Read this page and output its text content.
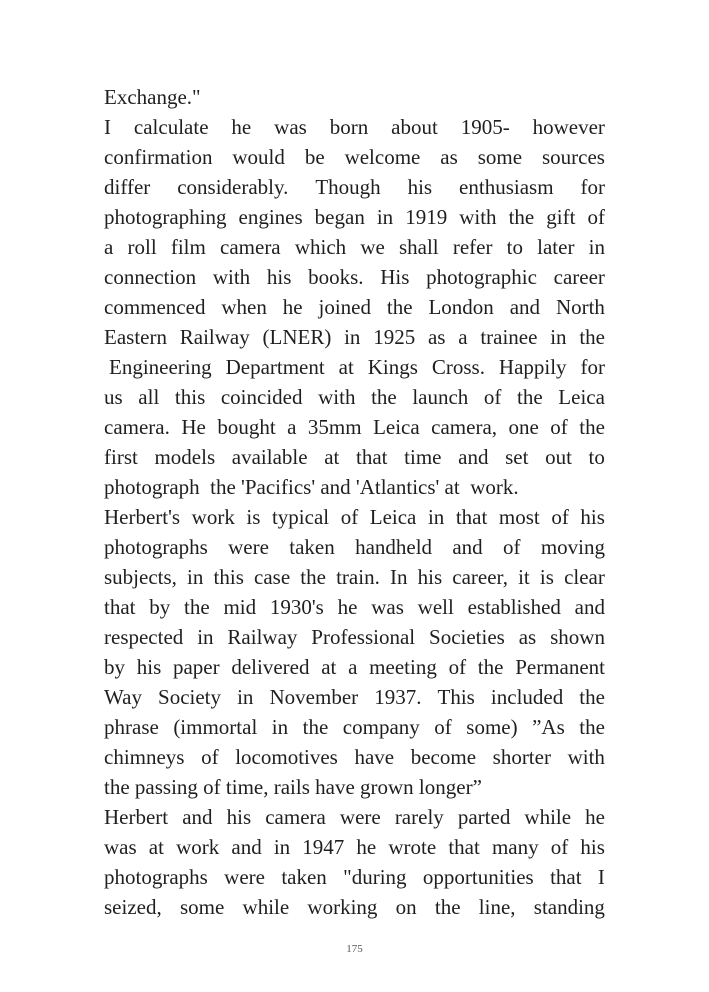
Exchange."
I calculate he was born about 1905- however
confirmation would be welcome as some sources
differ considerably. Though his enthusiasm for
photographing engines began in 1919 with the gift of
a roll film camera which we shall refer to later in
connection with his books. His photographic career
commenced when he joined the London and North
Eastern Railway (LNER) in 1925 as a trainee in the
Engineering Department at Kings Cross. Happily for
us all this coincided with the launch of the Leica
camera. He bought a 35mm Leica camera, one of the
first models available at that time and set out to
photograph  the 'Pacifics' and 'Atlantics' at  work.
Herbert's work is typical of Leica in that most of his
photographs were taken handheld and of moving
subjects, in this case the train. In his career, it is clear
that by the mid 1930's he was well established and
respected in Railway Professional Societies as shown
by his paper delivered at a meeting of the Permanent
Way Society in November 1937. This included the
phrase (immortal in the company of some) ”As the
chimneys of locomotives have become shorter with
the passing of time, rails have grown longer”
Herbert and his camera were rarely parted while he
was at work and in 1947 he wrote that many of his
photographs were taken "during opportunities that I
seized, some while working on the line, standing
175
